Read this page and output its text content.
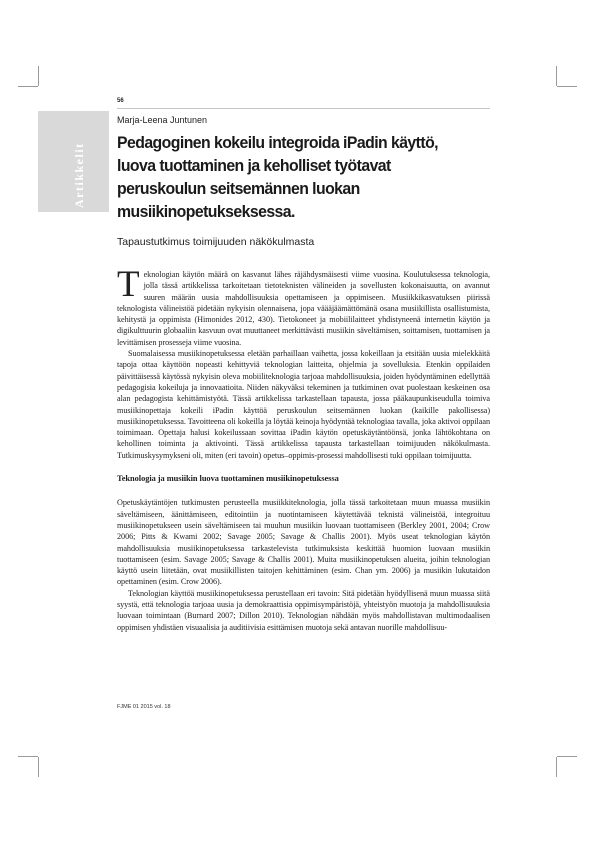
56
Artikkelit
Marja-Leena Juntunen
Pedagoginen kokeilu integroida iPadin käyttö, luova tuottaminen ja keholliset työtavat peruskoulun seitsemännen luokan musiikinopetukseksessa.
Tapaustutkimus toimijuuden näkökulmasta

Teknologian käytön määrä on kasvanut lähes räjähdysmäisesti viime vuosina. Koulutuksessa teknologia, jolla tässä artikkelissa tarkoitetaan tietoteknisten välineiden ja sovellusten kokonaisuutta, on avannut suuren määrän uusia mahdollisuuksia opettamiseen ja oppimiseen. Musiikkikasvatuksen piirissä teknologista välineistöä pidetään nykyisin olennaisena, jopa väääjäämättömänä osana musiikillista osallistumista, kehitystä ja oppimista (Himonides 2012, 430). Tietokoneet ja mobiililaitteet yhdistyneenä internetin käytön ja digikulttuurin globaaliin kasvuun ovat muuttaneet merkittävästi musiikin säveltämisen, soittamisen, tuottamisen ja levittämisen prosesseja viime vuosina.

Suomalaisessa musiikinopetuksessa eletään parhaillaan vaihetta, jossa kokeillaan ja etsitään uusia mielekkäitä tapoja ottaa käyttöön nopeasti kehittyviä teknologian laitteita, ohjelmia ja sovelluksia. Etenkin oppilaiden päivittäisessä käytössä nykyisin oleva mobiiliteknologia tarjoaa mahdollisuuksia, joiden hyödyntäminen edellyttää pedagogisia kokeiluja ja innovaatioita. Niiden näkyväksi tekeminen ja tutkiminen ovat puolestaan keskeinen osa alan pedagogista kehittämistyötä. Tässä artikkelissa tarkastellaan tapausta, jossa pääkaupunkiseudulla toimiva musiikinopettaja kokeili iPadin käyttöä peruskoulun seitsemännen luokan (kaikille pakollisessa) musiikinopetuksessa. Tavoitteena oli kokeilla ja löytää keinoja hyödyntää teknologiaa tavalla, joka aktivoi oppilaan toimimaan. Opettaja halusi kokeilussaan sovittaa iPadin käytön opetuskäytäntöönsä, jonka lähtökohtana on kehollinen toiminta ja aktivointi. Tässä artikkelissa tapausta tarkastellaan toimijuuden näkökulmasta. Tutkimuskysymykseni oli, miten (eri tavoin) opetus–oppimis-prosessi mahdollisesti tuki oppilaan toimijuutta.

Teknologia ja musiikin luova tuottaminen musiikinopetuksessa

Opetuskäytäntöjen tutkimusten perusteella musiikkiteknologia, jolla tässä tarkoitetaan muun muassa musiikin säveltämiseen, äänittämiseen, editointiin ja nuotintamiseen käytettävää teknistä välineistöä, integroituu musiikinopetukseen usein säveltämiseen tai muuhun musiikin luovaan tuottamiseen (Berkley 2001, 2004; Crow 2006; Pitts & Kwami 2002; Savage 2005; Savage & Challis 2001). Myös useat teknologian käytön mahdollisuuksia musiikinopetuksessa tarkastelevista tutkimuksista keskittää huomion luovaan musiikin tuottamiseen (esim. Savage 2005; Savage & Challis 2001). Muita musiikinopetuksen alueita, joihin teknologian käyttö usein liitetään, ovat musiikillisten taitojen kehittäminen (esim. Chan ym. 2006) ja musiikin lukutaidon opettaminen (esim. Crow 2006).

Teknologian käyttöä musiikinopetuksessa perustellaan eri tavoin: Sitä pidetään hyödyllisenä muun muassa siitä syystä, että teknologia tarjoaa uusia ja demokraattisia oppimisympäristöjä, yhteistyön muotoja ja mahdollisuuksia luovaan toimintaan (Burnard 2007; Dillon 2010). Teknologian nähdään myös mahdollistavan multimodaalisen oppimisen yhdistäen visuaalisia ja auditiivisia esittämisen muotoja sekä antavan nuorille mahdollisuu-

FJME 01 2015 vol. 18
